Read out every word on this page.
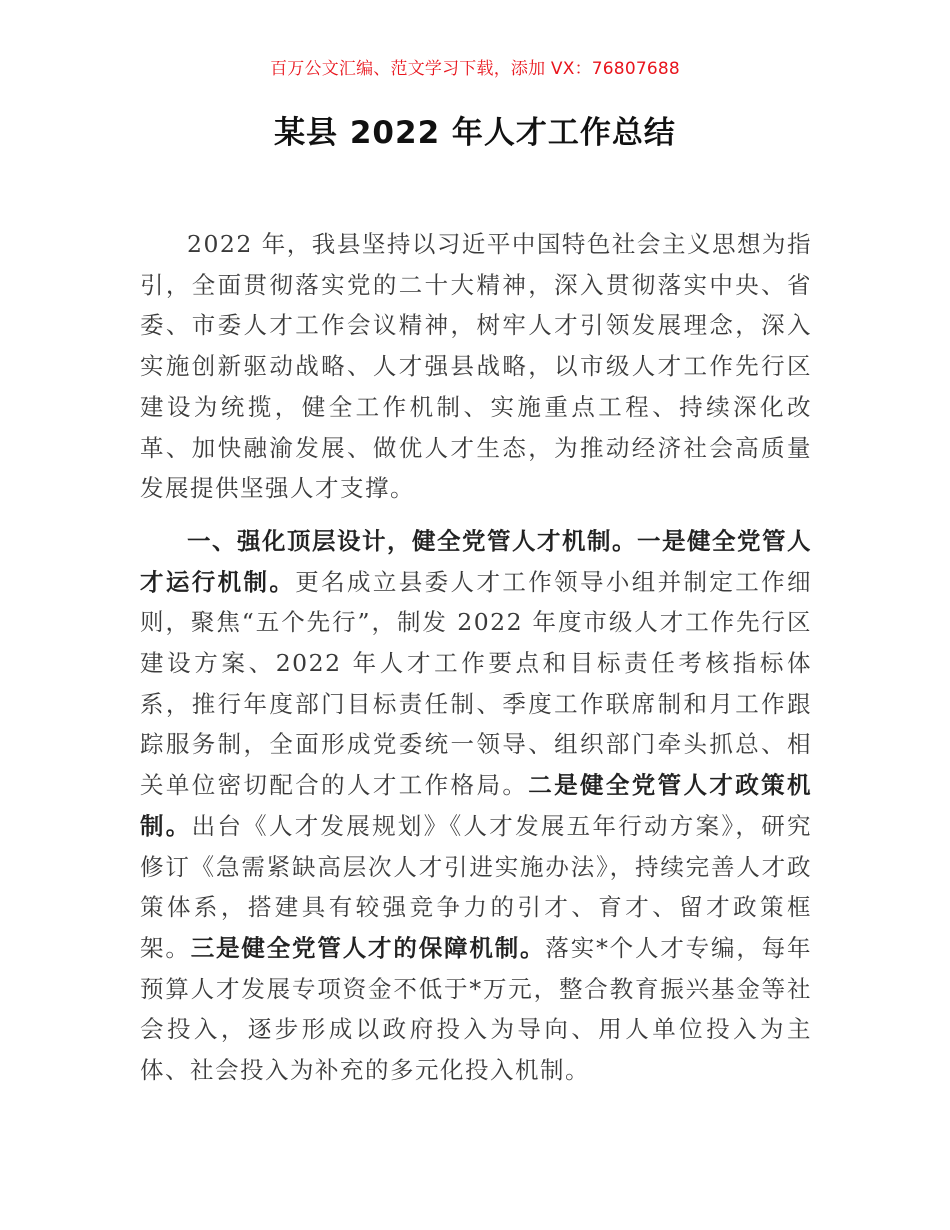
百万公文汇编、范文学习下载，添加 VX：76807688
某县 2022 年人才工作总结

2022 年，我县坚持以习近平中国特色社会主义思想为指引，全面贯彻落实党的二十大精神，深入贯彻落实中央、省委、市委人才工作会议精神，树牢人才引领发展理念，深入实施创新驱动战略、人才强县战略，以市级人才工作先行区建设为统揽，健全工作机制、实施重点工程、持续深化改革、加快融渝发展、做优人才生态，为推动经济社会高质量发展提供坚强人才支撑。

一、强化顶层设计，健全党管人才机制。一是健全党管人才运行机制。更名成立县委人才工作领导小组并制定工作细则，聚焦“五个先行”，制发 2022 年度市级人才工作先行区建设方案、2022 年人才工作要点和目标责任考核指标体系，推行年度部门目标责任制、季度工作联席制和月工作跟踪服务制，全面形成党委统一领导、组织部门牵头抓总、相关单位密切配合的人才工作格局。二是健全党管人才政策机制。出台《人才发展规划》《人才发展五年行动方案》，研究修订《急需紧缺高层次人才引进实施办法》，持续完善人才政策体系，搭建具有较强竞争力的引才、育才、留才政策框架。三是健全党管人才的保障机制。落实*个人才专编，每年预算人才发展专项资金不低于*万元，整合教育振兴基金等社会投入，逐步形成以政府投入为导向、用人单位投入为主体、社会投入为补充的多元化投入机制。
